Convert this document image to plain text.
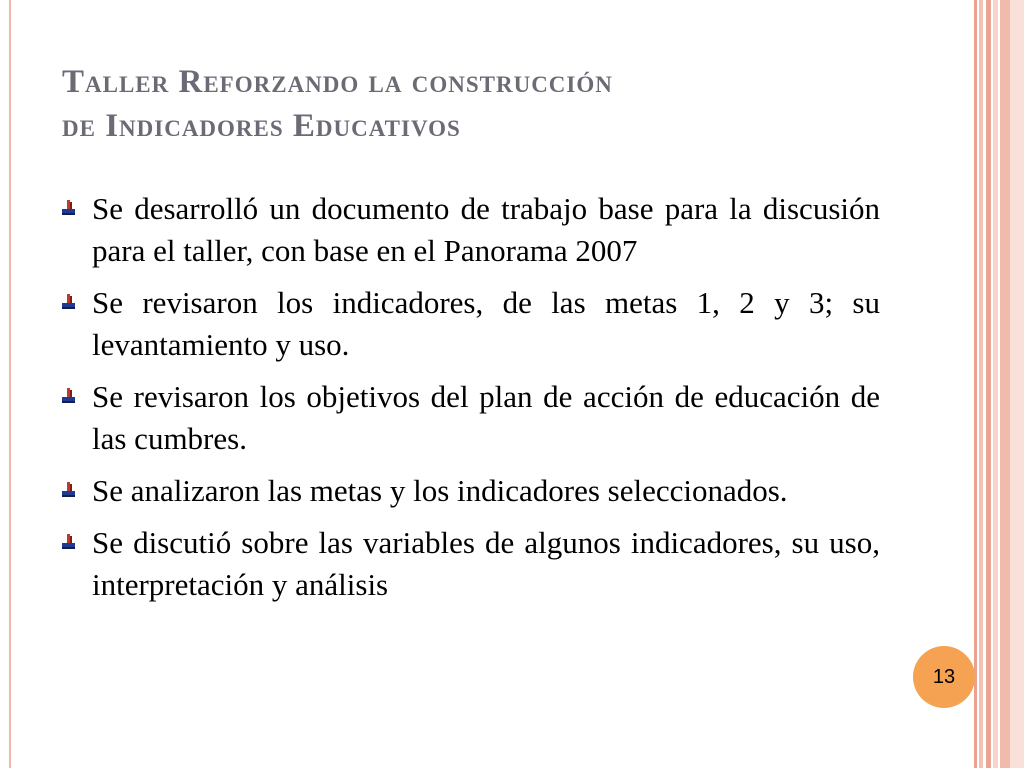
Taller Reforzando la construcción
de Indicadores Educativos
Se desarrolló un documento de trabajo base para la discusión para el taller, con base en el Panorama 2007
Se revisaron los indicadores, de las metas 1, 2 y 3; su levantamiento y uso.
Se revisaron los objetivos del plan de acción de educación de las cumbres.
Se analizaron las metas y los indicadores seleccionados.
Se discutió sobre las variables de algunos indicadores, su uso, interpretación y análisis
13
